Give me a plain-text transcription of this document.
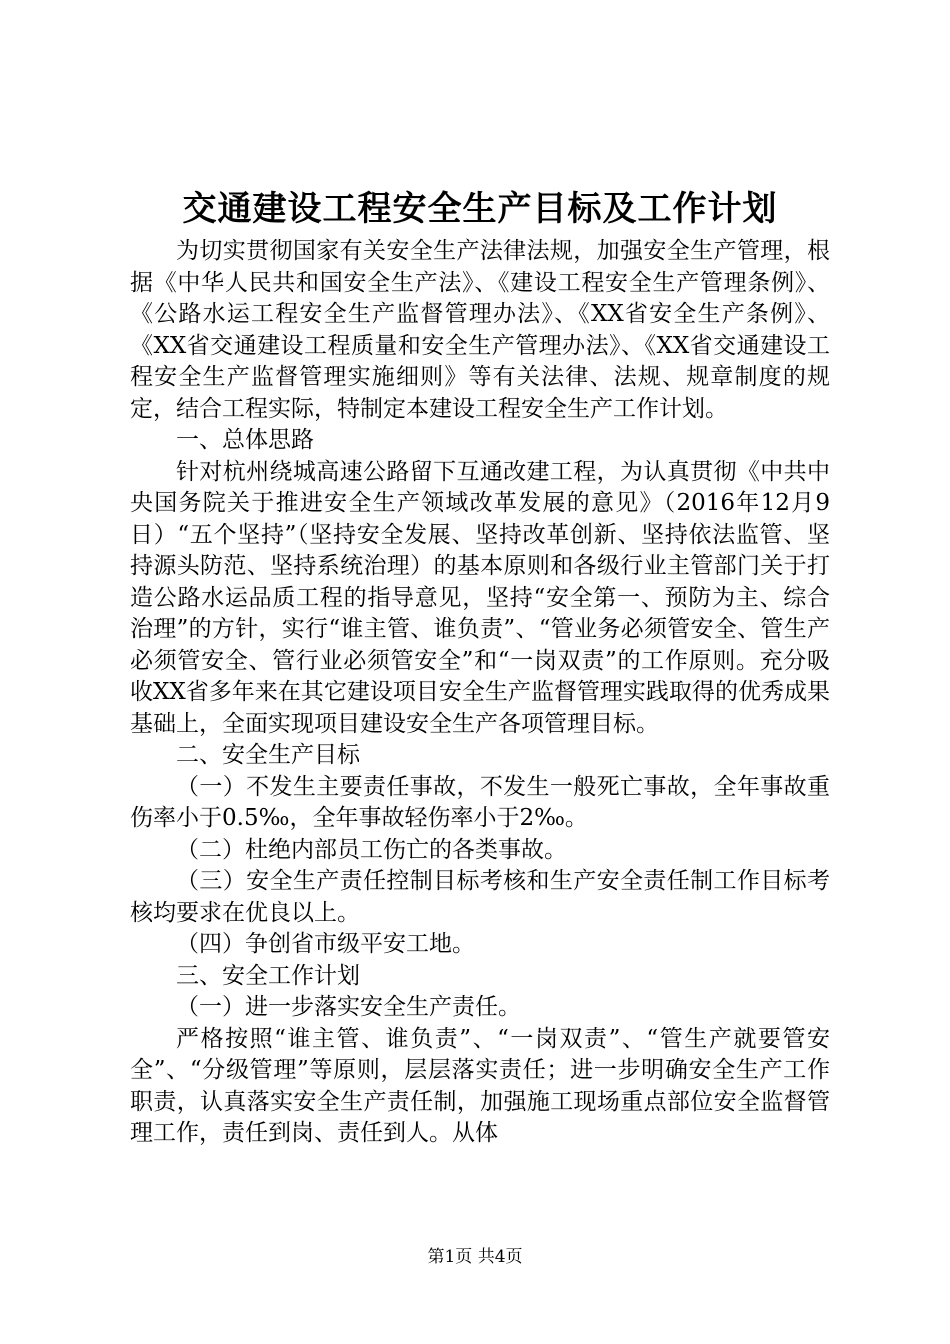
交通建设工程安全生产目标及工作计划

为切实贯彻国家有关安全生产法律法规，加强安全生产管理，根据《中华人民共和国安全生产法》、《建设工程安全生产管理条例》、《公路水运工程安全生产监督管理办法》、《XX省安全生产条例》、《XX省交通建设工程质量和安全生产管理办法》、《XX省交通建设工程安全生产监督管理实施细则》等有关法律、法规、规章制度的规定，结合工程实际，特制定本建设工程安全生产工作计划。

一、总体思路

针对杭州绕城高速公路留下互通改建工程，为认真贯彻《中共中央国务院关于推进安全生产领域改革发展的意见》（2016年12月9日）“五个坚持”（坚持安全发展、坚持改革创新、坚持依法监管、坚持源头防范、坚持系统治理）的基本原则和各级行业主管部门关于打造公路水运品质工程的指导意见，坚持“安全第一、预防为主、综合治理”的方针，实行“谁主管、谁负责”、“管业务必须管安全、管生产必须管安全、管行业必须管安全”和“一岗双责”的工作原则。充分吸收XX省多年来在其它建设项目安全生产监督管理实践取得的优秀成果基础上，全面实现项目建设安全生产各项管理目标。

二、安全生产目标

（一）不发生主要责任事故，不发生一般死亡事故，全年事故重伤率小于0.5‰，全年事故轻伤率小于2‰。

（二）杜绝内部员工伤亡的各类事故。

（三）安全生产责任控制目标考核和生产安全责任制工作目标考核均要求在优良以上。

（四）争创省市级平安工地。

三、安全工作计划

（一）进一步落实安全生产责任。

严格按照“谁主管、谁负责”、“一岗双责”、“管生产就要管安全”、“分级管理”等原则，层层落实责任；进一步明确安全生产工作职责，认真落实安全生产责任制，加强施工现场重点部位安全监督管理工作，责任到岗、责任到人。从体

第1页 共4页
